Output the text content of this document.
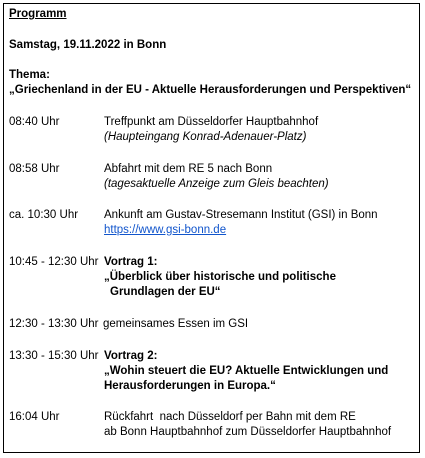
Programm
Samstag, 19.11.2022 in Bonn
Thema:
„Griechenland in der EU - Aktuelle Herausforderungen und Perspektiven“
08:40 Uhr	Treffpunkt am Düsseldorfer Hauptbahnhof
(Haupteingang Konrad-Adenauer-Platz)
08:58 Uhr	Abfahrt mit dem RE 5 nach Bonn
(tagesaktuelle Anzeige zum Gleis beachten)
ca. 10:30 Uhr Ankunft am Gustav-Stresemann Institut (GSI) in Bonn
https://www.gsi-bonn.de
10:45 - 12:30 Uhr Vortrag 1:
„Überblick über historische und politische
Grundlagen der EU“
12:30 - 13:30 Uhr gemeinsames Essen im GSI
13:30 - 15:30 Uhr Vortrag 2:
„Wohin steuert die EU? Aktuelle Entwicklungen und
Herausforderungen in Europa.“
16:04 Uhr	Rückfahrt  nach Düsseldorf per Bahn mit dem RE
ab Bonn Hauptbahnhof zum Düsseldorfer Hauptbahnhof
